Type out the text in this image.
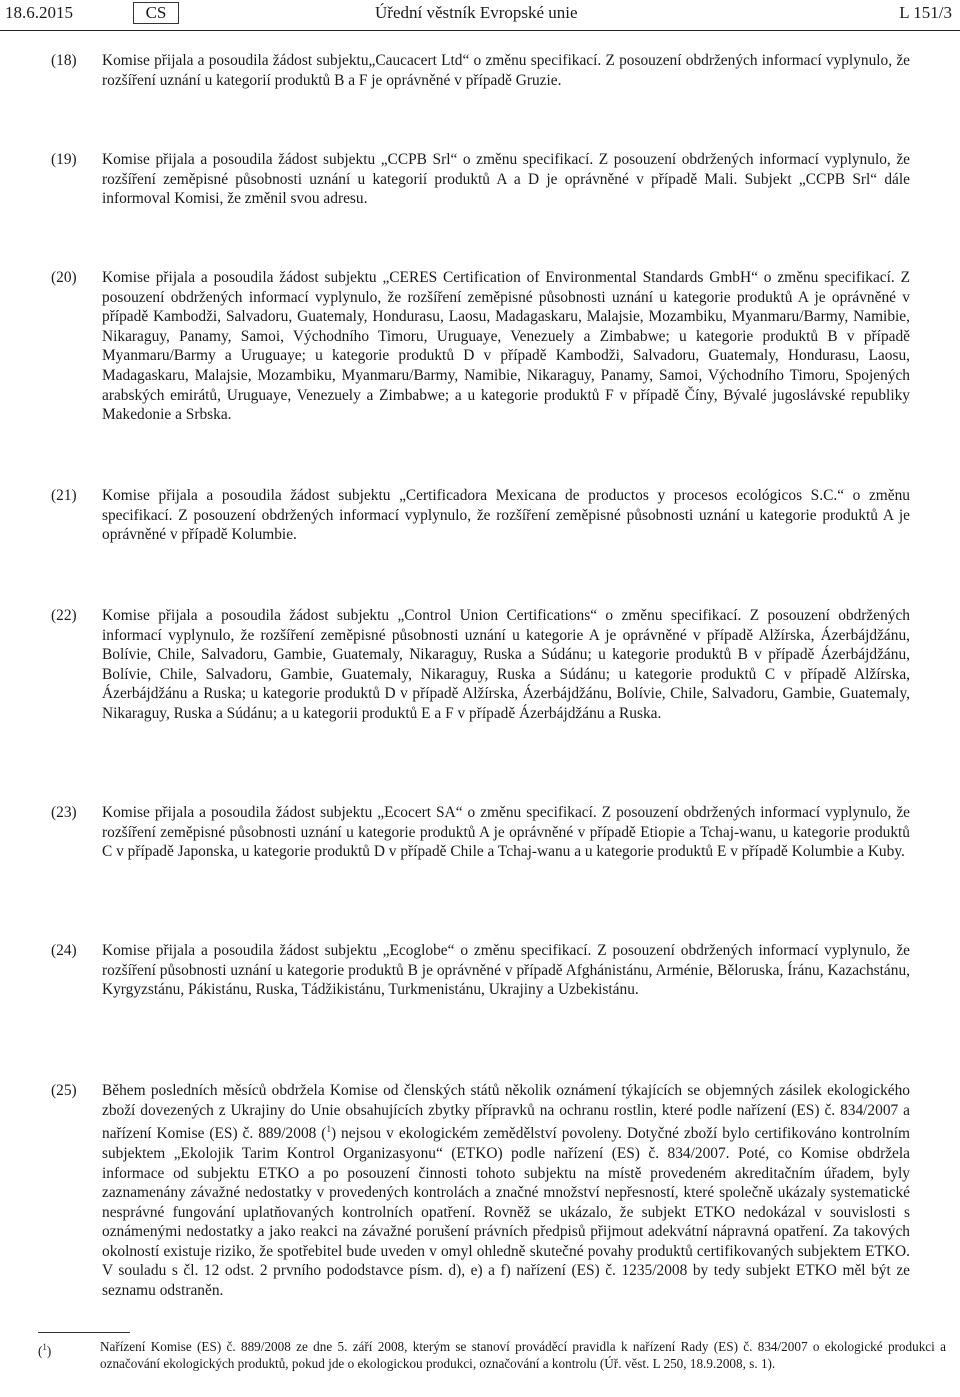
18.6.2015	CS	Úřední věstník Evropské unie	L 151/3
(18) Komise přijala a posoudila žádost subjektu„Caucacert Ltd“ o změnu specifikací. Z posouzení obdržených informací vyplynulo, že rozšíření uznání u kategorií produktů B a F je oprávněné v případě Gruzie.
(19) Komise přijala a posoudila žádost subjektu „CCPB Srl“ o změnu specifikací. Z posouzení obdržených informací vyplynulo, že rozšíření zeměpisné působnosti uznání u kategorií produktů A a D je oprávněné v případě Mali. Subjekt „CCPB Srl“ dále informoval Komisi, že změnil svou adresu.
(20) Komise přijala a posoudila žádost subjektu „CERES Certification of Environmental Standards GmbH“ o změnu specifikací. Z posouzení obdržených informací vyplynulo, že rozšíření zeměpisné působnosti uznání u kategorie produktů A je oprávněné v případě Kambodži, Salvadoru, Guatemaly, Hondurasu, Laosu, Madagaskaru, Malajsie, Mozambiku, Myanmaru/Barmy, Namibie, Nikaraguy, Panamy, Samoi, Východního Timoru, Uruguaye, Venezuely a Zimbabwe; u kategorie produktů B v případě Myanmaru/Barmy a Uruguaye; u kategorie produktů D v případě Kambodži, Salvadoru, Guatemaly, Hondurasu, Laosu, Madagaskaru, Malajsie, Mozambiku, Myanmaru/Barmy, Namibie, Nikaraguy, Panamy, Samoi, Východního Timoru, Spojených arabských emirátů, Uruguaye, Venezuely a Zimbabwe; a u kategorie produktů F v případě Číny, Bývalé jugoslávské republiky Makedonie a Srbska.
(21) Komise přijala a posoudila žádost subjektu „Certificadora Mexicana de productos y procesos ecológicos S.C.“ o změnu specifikací. Z posouzení obdržených informací vyplynulo, že rozšíření zeměpisné působnosti uznání u kategorie produktů A je oprávněné v případě Kolumbie.
(22) Komise přijala a posoudila žádost subjektu „Control Union Certifications“ o změnu specifikací. Z posouzení obdržených informací vyplynulo, že rozšíření zeměpisné působnosti uznání u kategorie A je oprávněné v případě Alžírska, Ázerbájdžánu, Bolívie, Chile, Salvadoru, Gambie, Guatemaly, Nikaraguy, Ruska a Súdánu; u kategorie produktů B v případě Ázerbájdžánu, Bolívie, Chile, Salvadoru, Gambie, Guatemaly, Nikaraguy, Ruska a Súdánu; u kategorie produktů C v případě Alžírska, Ázerbájdžánu a Ruska; u kategorie produktů D v případě Alžírska, Ázerbájdžánu, Bolívie, Chile, Salvadoru, Gambie, Guatemaly, Nikaraguy, Ruska a Súdánu; a u kategorii produktů E a F v případě Ázerbájdžánu a Ruska.
(23) Komise přijala a posoudila žádost subjektu „Ecocert SA“ o změnu specifikací. Z posouzení obdržených informací vyplynulo, že rozšíření zeměpisné působnosti uznání u kategorie produktů A je oprávněné v případě Etiopie a Tchaj-wanu, u kategorie produktů C v případě Japonska, u kategorie produktů D v případě Chile a Tchaj-wanu a u kategorie produktů E v případě Kolumbie a Kuby.
(24) Komise přijala a posoudila žádost subjektu „Ecoglobe“ o změnu specifikací. Z posouzení obdržených informací vyplynulo, že rozšíření působnosti uznání u kategorie produktů B je oprávněné v případě Afghánistánu, Arménie, Běloruska, Íránu, Kazachstánu, Kyrgyzstánu, Pákistánu, Ruska, Tádžikistánu, Turkmenistánu, Ukrajiny a Uzbekistánu.
(25) Během posledních měsíců obdržela Komise od členských států několik oznámení týkajících se objemných zásilek ekologického zboží dovezených z Ukrajiny do Unie obsahujících zbytky přípravků na ochranu rostlin, které podle nařízení (ES) č. 834/2007 a nařízení Komise (ES) č. 889/2008 ($^1$) nejsou v ekologickém zemědělství povoleny. Dotyčné zboží bylo certifikováno kontrolním subjektem „Ekolojik Tarim Kontrol Organizasyonu“ (ETKO) podle nařízení (ES) č. 834/2007. Poté, co Komise obdržela informace od subjektu ETKO a po posouzení činnosti tohoto subjektu na místě provedeném akreditačním úřadem, byly zaznamenány závažné nedostatky v provedených kontrolách a značné množství nepřesností, které společně ukázaly systematické nesprávné fungování uplatňovaných kontrolních opatření. Rovněž se ukázalo, že subjekt ETKO nedokázal v souvislosti s oznámenými nedostatky a jako reakci na závažné porušení právních předpisů přijmout adekvátní nápravná opatření. Za takových okolností existuje riziko, že spotřebitel bude uveden v omyl ohledně skutečné povahy produktů certifikovaných subjektem ETKO. V souladu s čl. 12 odst. 2 prvního pododstavce písm. d), e) a f) nařízení (ES) č. 1235/2008 by tedy subjekt ETKO měl být ze seznamu odstraněn.
($^1$)	Nařízení Komise (ES) č. 889/2008 ze dne 5. září 2008, kterým se stanoví prováděcí pravidla k nařízení Rady (ES) č. 834/2007 o ekologické produkci a označování ekologických produktů, pokud jde o ekologickou produkci, označování a kontrolu (Úř. věst. L 250, 18.9.2008, s. 1).
